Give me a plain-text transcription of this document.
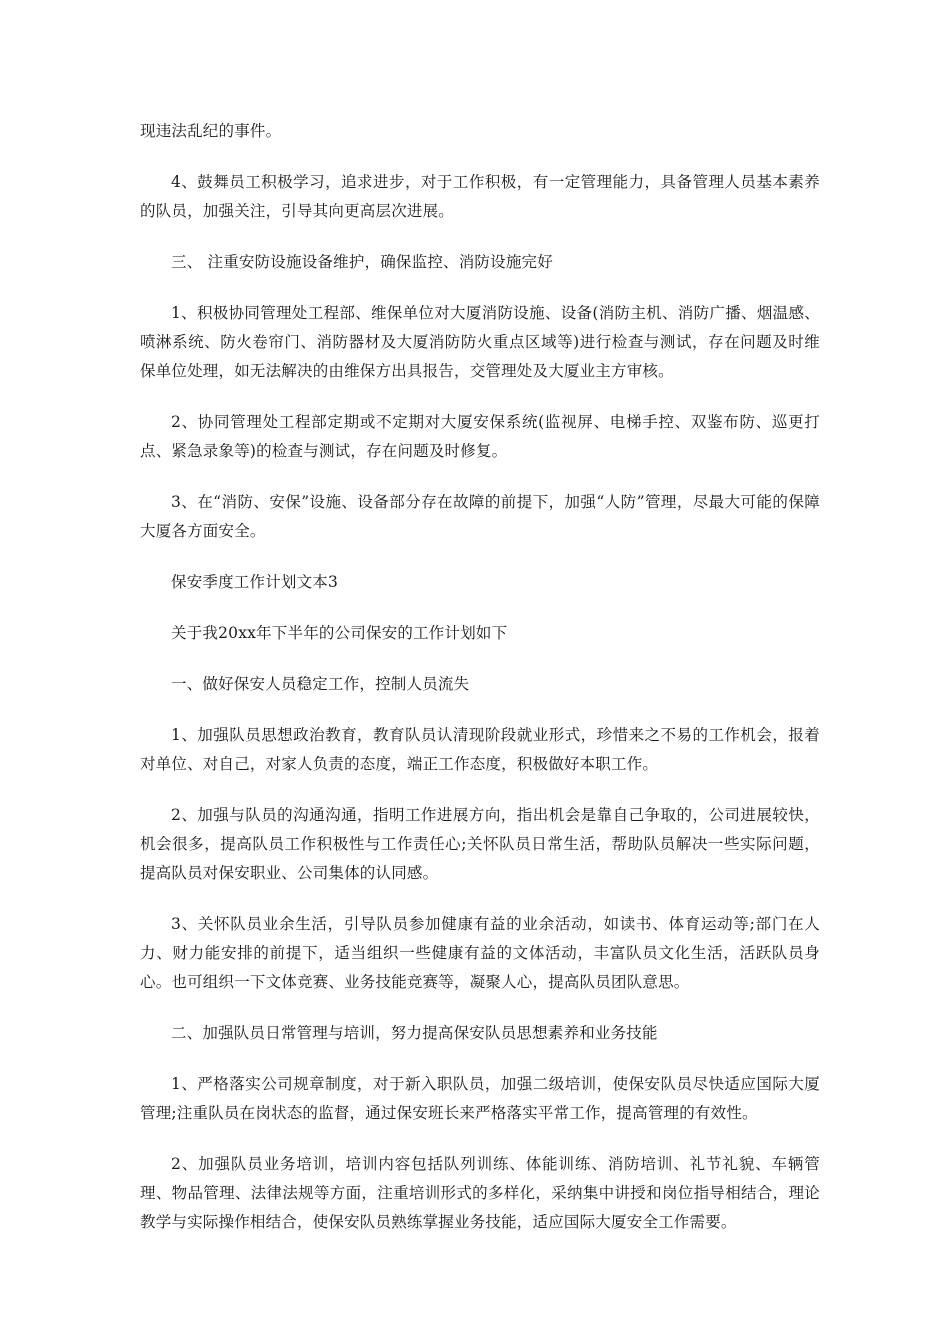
现违法乱纪的事件。

4、鼓舞员工积极学习，追求进步，对于工作积极，有一定管理能力，具备管理人员基本素养的队员，加强关注，引导其向更高层次进展。

三、 注重安防设施设备维护，确保监控、消防设施完好

1、积极协同管理处工程部、维保单位对大厦消防设施、设备(消防主机、消防广播、烟温感、喷淋系统、防火卷帘门、消防器材及大厦消防防火重点区域等)进行检查与测试，存在问题及时维保单位处理，如无法解决的由维保方出具报告，交管理处及大厦业主方审核。

2、协同管理处工程部定期或不定期对大厦安保系统(监视屏、电梯手控、双鉴布防、巡更打点、紧急录象等)的检查与测试，存在问题及时修复。

3、在“消防、安保”设施、设备部分存在故障的前提下，加强“人防”管理，尽最大可能的保障大厦各方面安全。

保安季度工作计划文本3

关于我20xx年下半年的公司保安的工作计划如下

一、做好保安人员稳定工作，控制人员流失

1、加强队员思想政治教育，教育队员认清现阶段就业形式，珍惜来之不易的工作机会，报着对单位、对自己，对家人负责的态度，端正工作态度，积极做好本职工作。

2、加强与队员的沟通沟通，指明工作进展方向，指出机会是靠自己争取的，公司进展较快，机会很多，提高队员工作积极性与工作责任心;关怀队员日常生活，帮助队员解决一些实际问题，提高队员对保安职业、公司集体的认同感。

3、关怀队员业余生活，引导队员参加健康有益的业余活动，如读书、体育运动等;部门在人力、财力能安排的前提下，适当组织一些健康有益的文体活动，丰富队员文化生活，活跃队员身心。也可组织一下文体竞赛、业务技能竞赛等，凝聚人心，提高队员团队意思。

二、加强队员日常管理与培训，努力提高保安队员思想素养和业务技能

1、严格落实公司规章制度，对于新入职队员，加强二级培训，使保安队员尽快适应国际大厦管理;注重队员在岗状态的监督，通过保安班长来严格落实平常工作，提高管理的有效性。

2、加强队员业务培训，培训内容包括队列训练、体能训练、消防培训、礼节礼貌、车辆管理、物品管理、法律法规等方面，注重培训形式的多样化，采纳集中讲授和岗位指导相结合，理论教学与实际操作相结合，使保安队员熟练掌握业务技能，适应国际大厦安全工作需要。
